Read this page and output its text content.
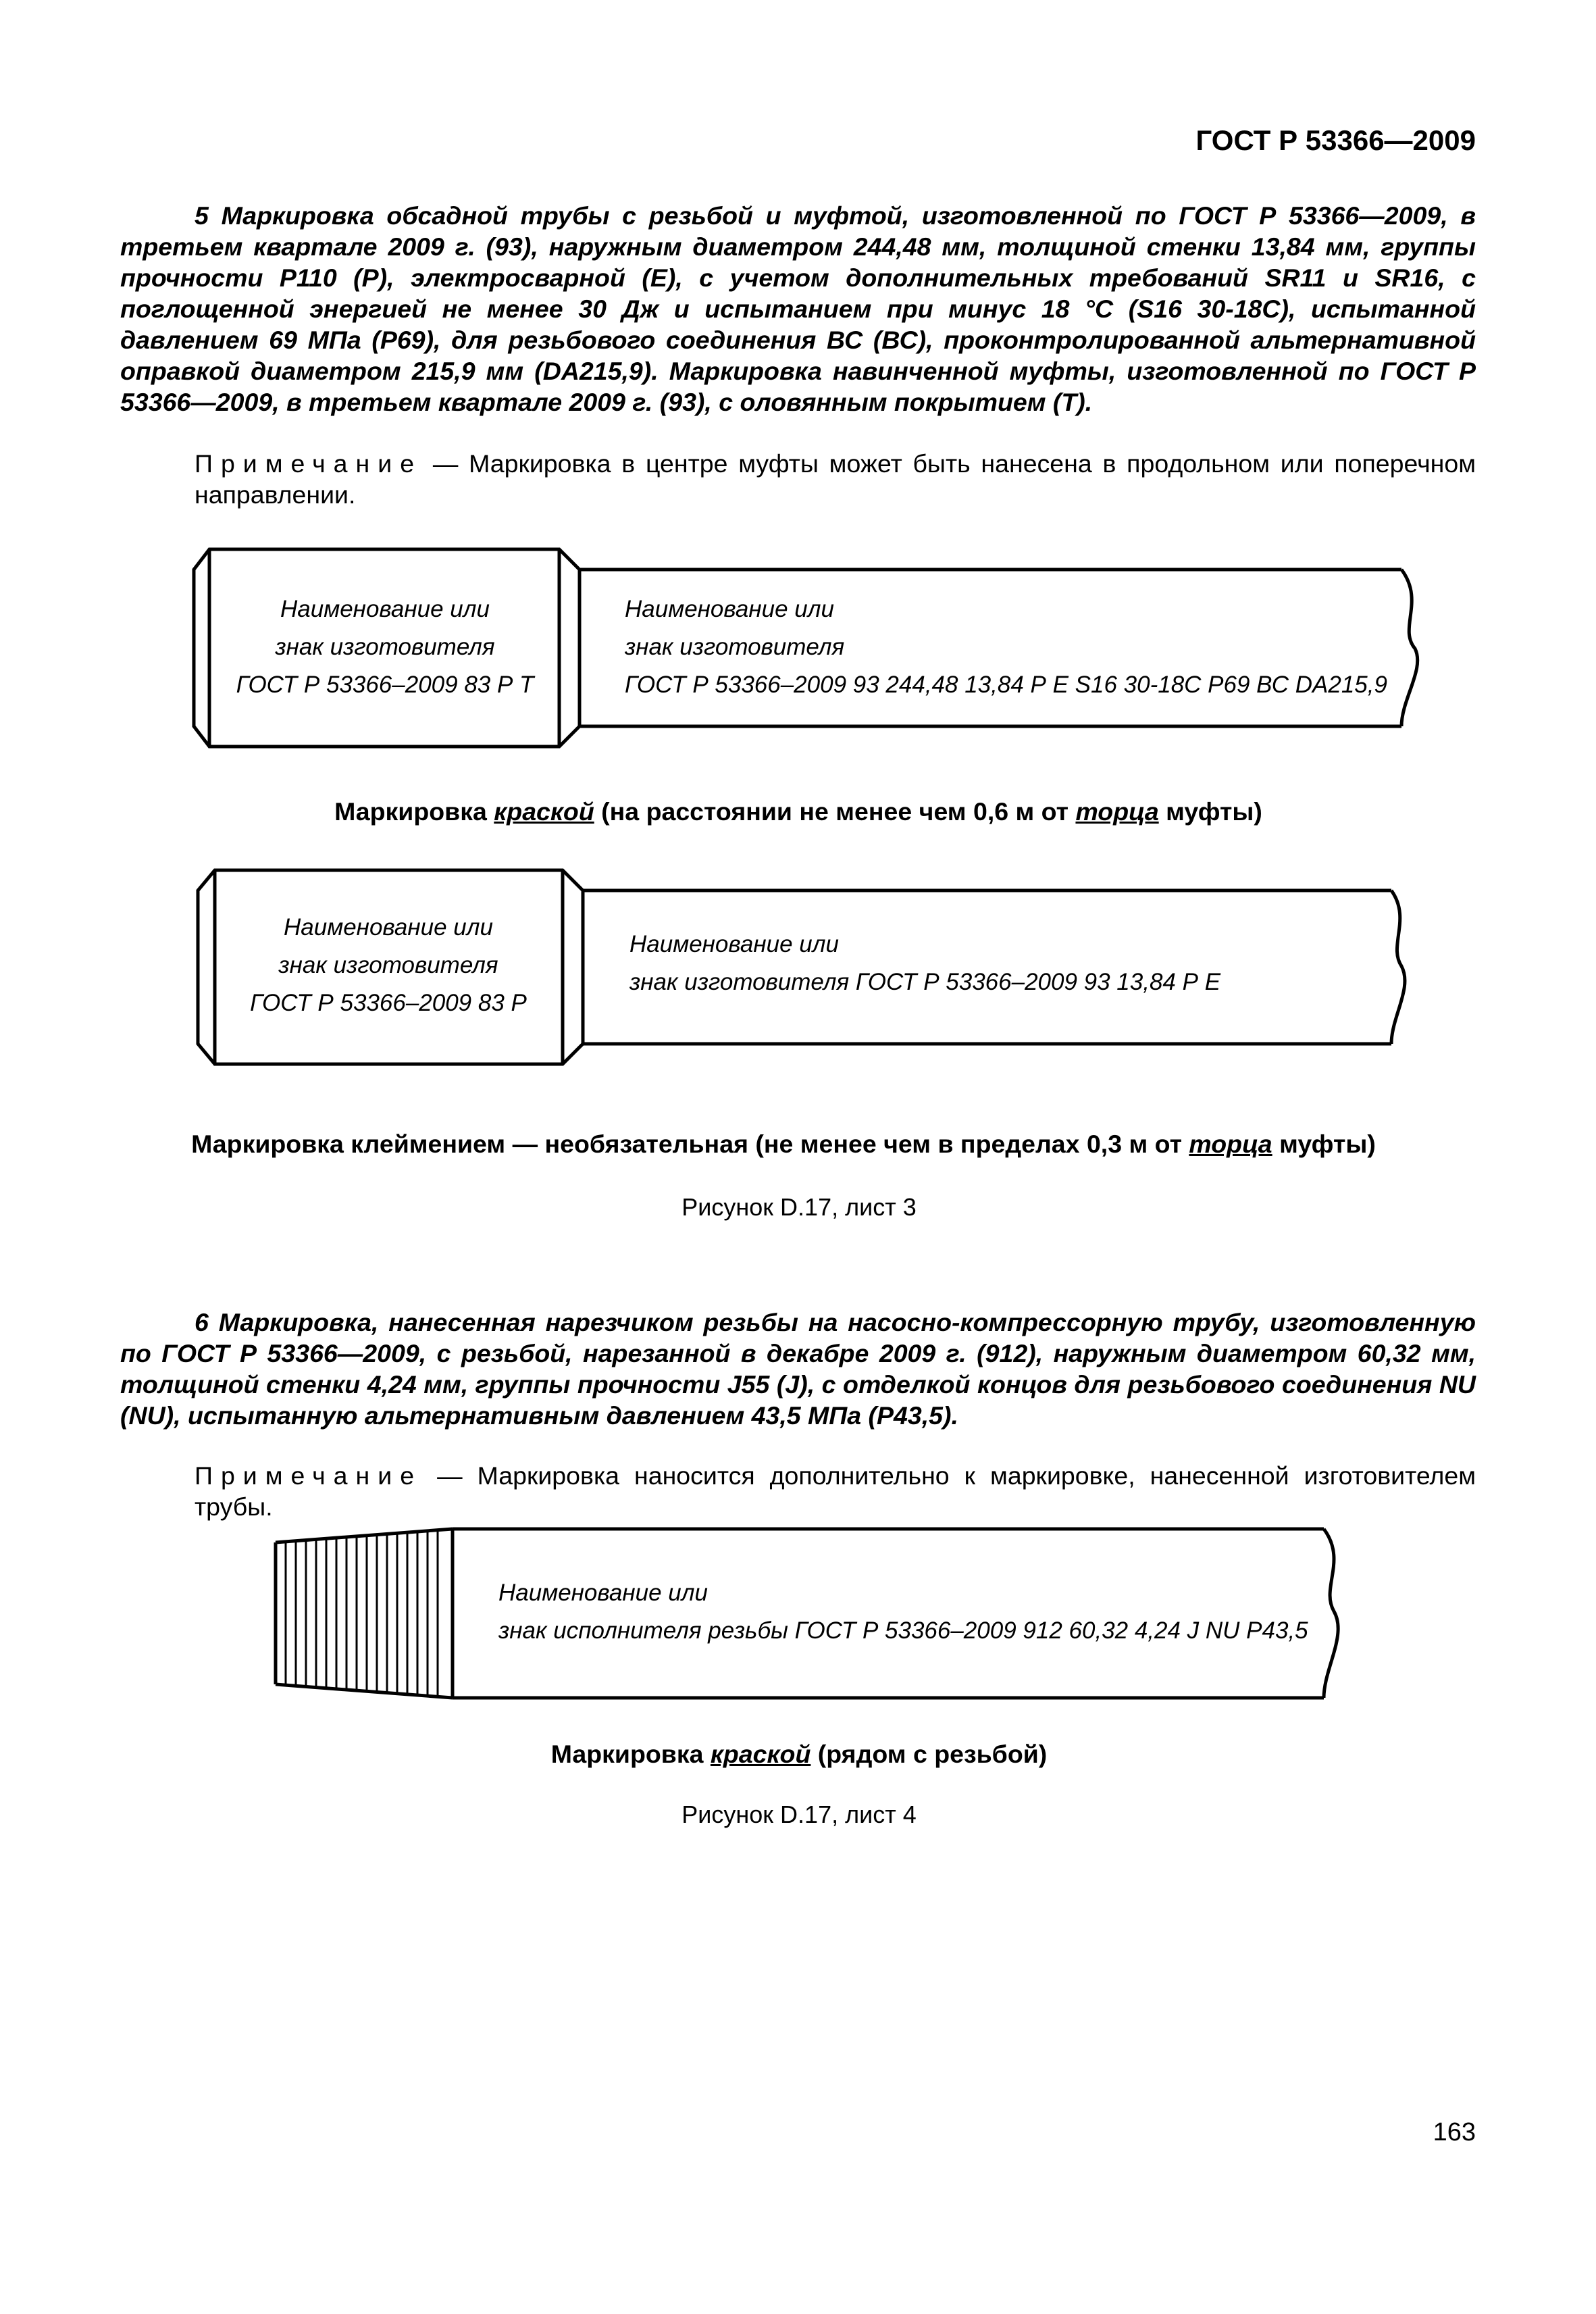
ГОСТ Р 53366—2009
5 Маркировка обсадной трубы с резьбой и муфтой, изготовленной по ГОСТ Р 53366—2009, в третьем квартале 2009 г. (93), наружным диаметром 244,48 мм, толщиной стенки 13,84 мм, группы прочности Р110 (Р), электросварной (Е), с учетом дополнительных требований SR11 и SR16, с поглощенной энергией не менее 30 Дж и испытанием при минус 18 °С (S16 30-18С), испытанной давлением 69 МПа (Р69), для резьбового соединения ВС (ВС), проконтролированной альтернативной оправкой диаметром 215,9 мм (DA215,9). Маркировка навинченной муфты, изготовленной по ГОСТ Р 53366—2009, в третьем квартале 2009 г. (93), с оловянным покрытием (Т).
Примечание — Маркировка в центре муфты может быть нанесена в продольном или поперечном направлении.
Наименование или
знак изготовителя
ГОСТ Р 53366–2009 83 Р Т
Наименование или
знак изготовителя
ГОСТ Р 53366–2009 93 244,48 13,84 Р Е S16 30-18С Р69 ВС DA215,9
Маркировка краской (на расстоянии не менее чем 0,6 м от торца муфты)
Наименование или
знак изготовителя
ГОСТ Р 53366–2009 83 Р
Наименование или
знак изготовителя ГОСТ Р 53366–2009 93 13,84 Р Е
Маркировка клеймением — необязательная (не менее чем в пределах 0,3 м от торца муфты)
Рисунок D.17, лист 3
6 Маркировка, нанесенная нарезчиком резьбы на насосно-компрессорную трубу, изготовленную по ГОСТ Р 53366—2009, с резьбой, нарезанной в декабре 2009 г. (912), наружным диаметром 60,32 мм, толщиной стенки 4,24 мм, группы прочности J55 (J), с отделкой концов для резьбового соединения NU (NU), испытанную альтернативным давлением 43,5 МПа (Р43,5).
Примечание — Маркировка наносится дополнительно к маркировке, нанесенной изготовителем трубы.
Наименование или
знак исполнителя резьбы ГОСТ Р 53366–2009 912 60,32 4,24 J NU Р43,5
Маркировка краской (рядом с резьбой)
Рисунок D.17, лист 4
163
